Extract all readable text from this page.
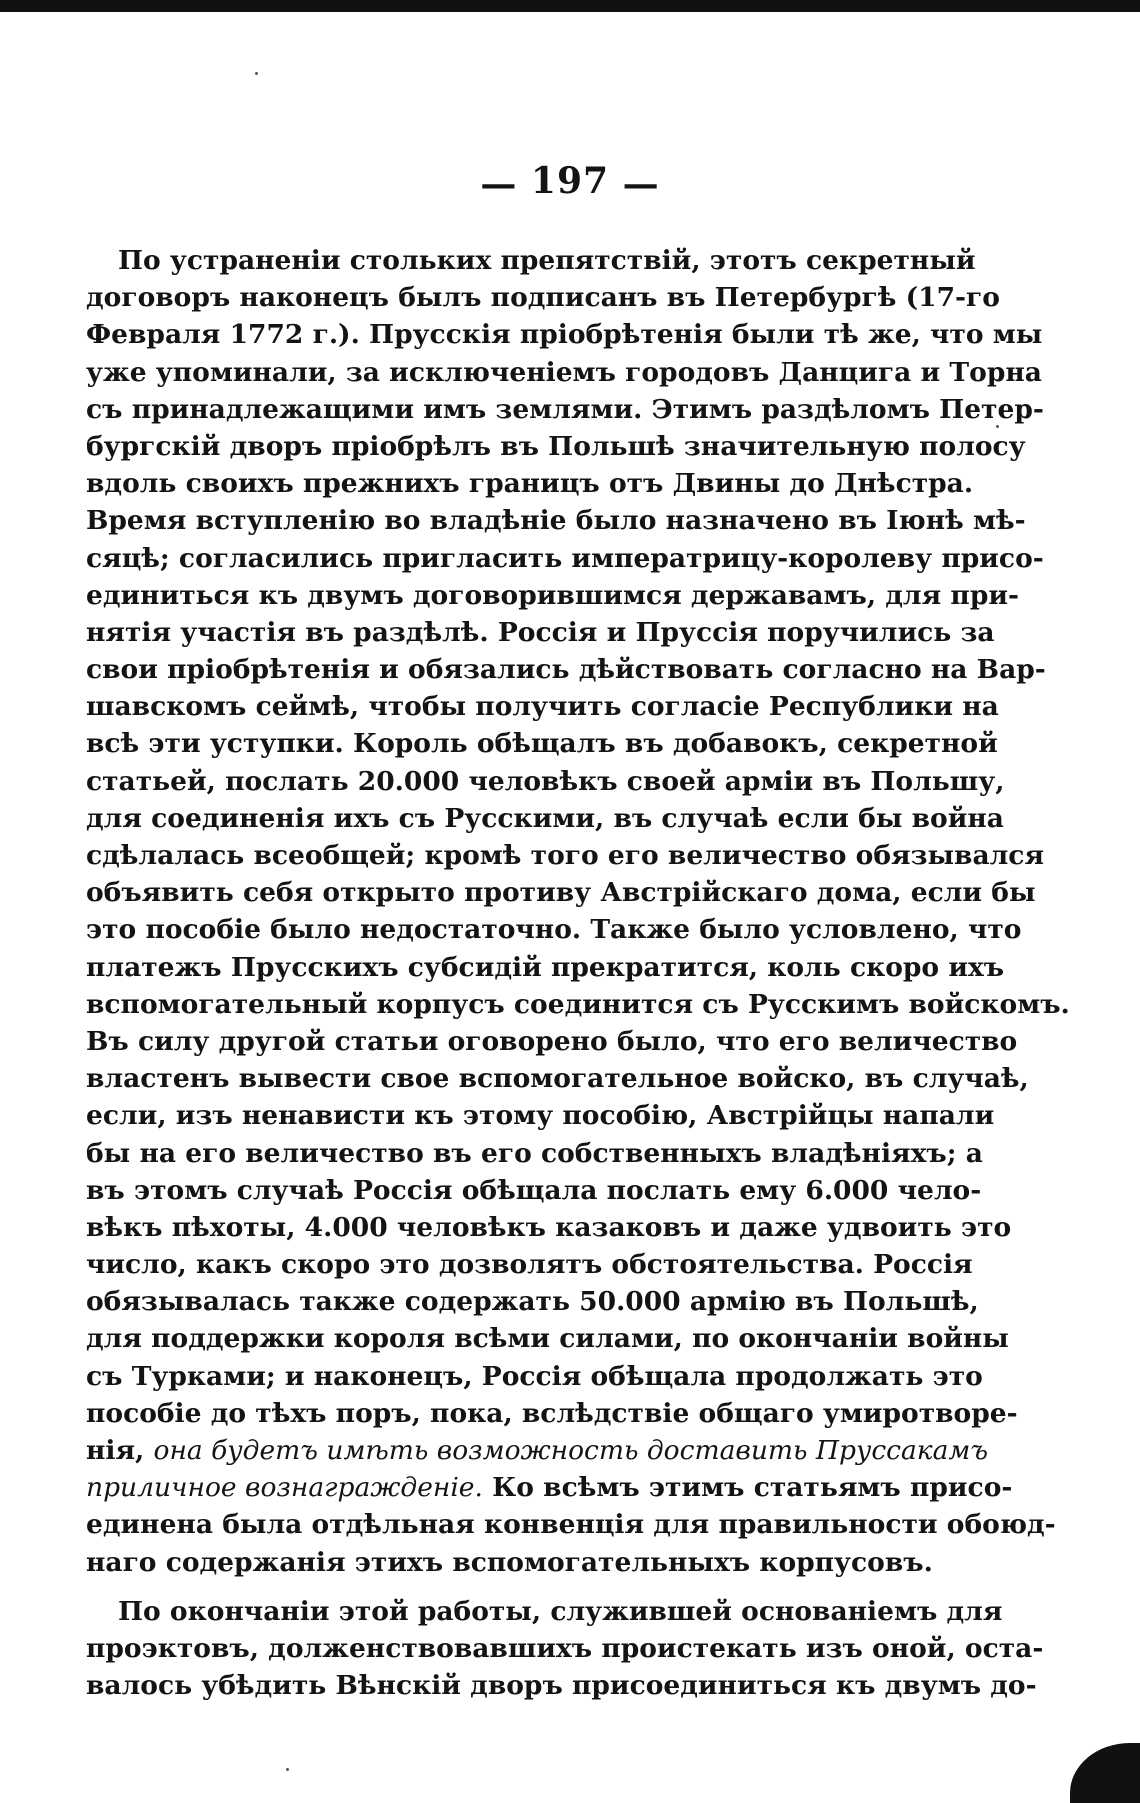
— 197 —
По устраненіи стольких препятствій, этотъ секретный
договоръ наконецъ былъ подписанъ въ Петербургѣ (17-го
Февраля 1772 г.). Прусскія пріобрѣтенія были тѣ же, что мы
уже упоминали, за исключеніемъ городовъ Данцига и Торна
съ принадлежащими имъ землями. Этимъ раздѣломъ Петер-
бургскій дворъ пріобрѣлъ въ Польшѣ значительную полосу
вдоль своихъ прежнихъ границъ отъ Двины до Днѣстра.
Время вступленію во владѣніе было назначено въ Іюнѣ мѣ-
сяцѣ; согласились пригласить императрицу-королеву присо-
единиться къ двумъ договорившимся державамъ, для при-
нятія участія въ раздѣлѣ. Россія и Пруссія поручились за
свои пріобрѣтенія и обязались дѣйствовать согласно на Вар-
шавскомъ сеймѣ, чтобы получить согласіе Республики на
всѣ эти уступки. Король обѣщалъ въ добавокъ, секретной
статьей, послать 20.000 человѣкъ своей арміи въ Польшу,
для соединенія ихъ съ Русскими, въ случаѣ если бы война
сдѣлалась всеобщей; кромѣ того его величество обязывался
объявить себя открыто противу Австрійскаго дома, если бы
это пособіе было недостаточно. Также было условлено, что
платежъ Прусскихъ субсидій прекратится, коль скоро ихъ
вспомогательный корпусъ соединится съ Русскимъ войскомъ.
Въ силу другой статьи оговорено было, что его величество
властенъ вывести свое вспомогательное войско, въ случаѣ,
если, изъ ненависти къ этому пособію, Австрійцы напали
бы на его величество въ его собственныхъ владѣніяхъ; а
въ этомъ случаѣ Россія обѣщала послать ему 6.000 чело-
вѣкъ пѣхоты, 4.000 человѣкъ казаковъ и даже удвоить это
число, какъ скоро это дозволятъ обстоятельства. Россія
обязывалась также содержать 50.000 армію въ Польшѣ,
для поддержки короля всѣми силами, по окончаніи войны
съ Турками; и наконецъ, Россія обѣщала продолжать это
пособіе до тѣхъ поръ, пока, вслѣдствіе общаго умиротворе-
нія, она будетъ имѣть возможность доставить Пруссакамъ
приличное вознагражденіе. Ко всѣмъ этимъ статьямъ присо-
единена была отдѣльная конвенція для правильности обоюд-
наго содержанія этихъ вспомогательныхъ корпусовъ.
По окончаніи этой работы, служившей основаніемъ для
проэктовъ, долженствовавшихъ проистекать изъ оной, оста-
валось убѣдить Вѣнскій дворъ присоединиться къ двумъ до-
